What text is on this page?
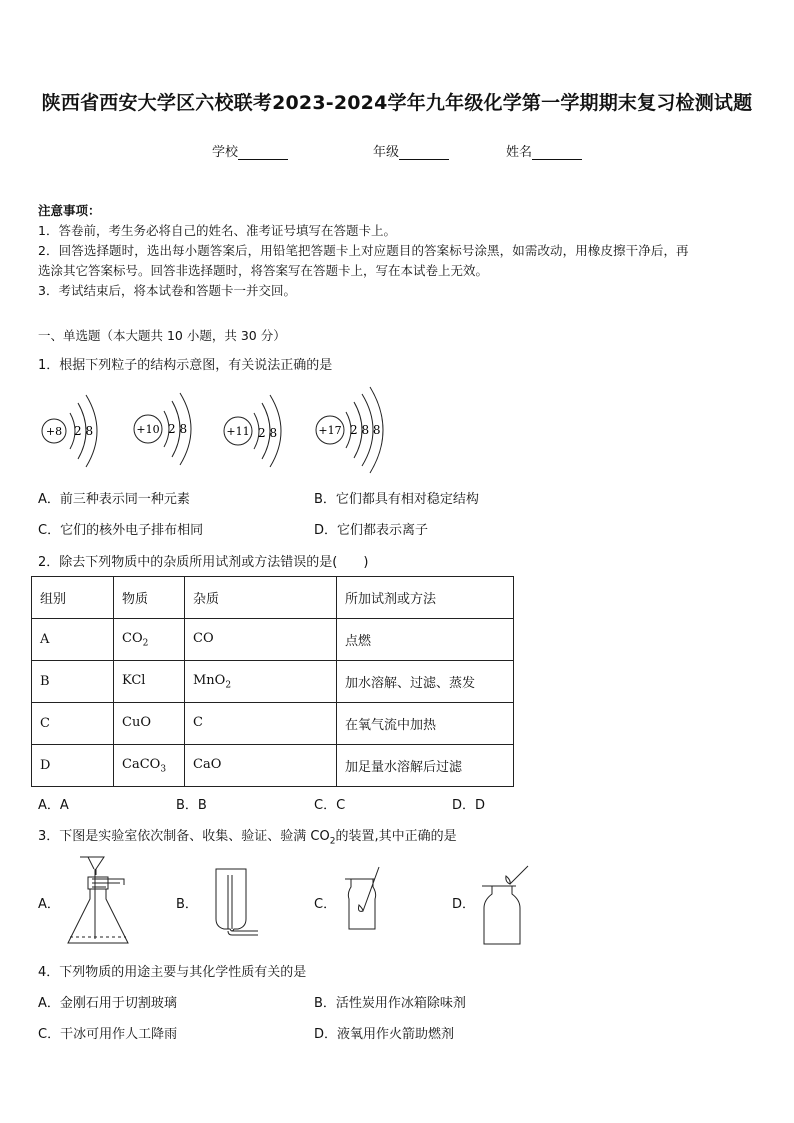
陕西省西安大学区六校联考2023-2024学年九年级化学第一学期期末复习检测试题
学校	年级	姓名
注意事项：
1．答卷前，考生务必将自己的姓名、准考证号填写在答题卡上。
2．回答选择题时，选出每小题答案后，用铅笔把答题卡上对应题目的答案标号涂黑，如需改动，用橡皮擦干净后，再
选涂其它答案标号。回答非选择题时，将答案写在答题卡上，写在本试卷上无效。
3．考试结束后，将本试卷和答题卡一并交回。
一、单选题（本大题共 10 小题，共 30 分）
1．根据下列粒子的结构示意图，有关说法正确的是
+8 2 8	+10 2 8	+11 2 8	+17 2 8 8
A．前三种表示同一种元素	B．它们都具有相对稳定结构
C．它们的核外电子排布相同	D．它们都表示离子
2．除去下列物质中的杂质所用试剂或方法错误的是(　　)
组别	物质	杂质	所加试剂或方法
A	$CO_2$	CO	点燃
B	KCl	MnO$_2$	加水溶解、过滤、蒸发
C	CuO	C	在氧气流中加热
D	CaCO$_3$	CaO	加足量水溶解后过滤
A．A	B．B	C．C	D．D
3．下图是实验室依次制备、收集、验证、验满 $CO_2$的装置,其中正确的是
A．	B．	C．	D．
4．下列物质的用途主要与其化学性质有关的是
A．金刚石用于切割玻璃	B．活性炭用作冰箱除味剂
C．干冰可用作人工降雨	D．液氧用作火箭助燃剂
